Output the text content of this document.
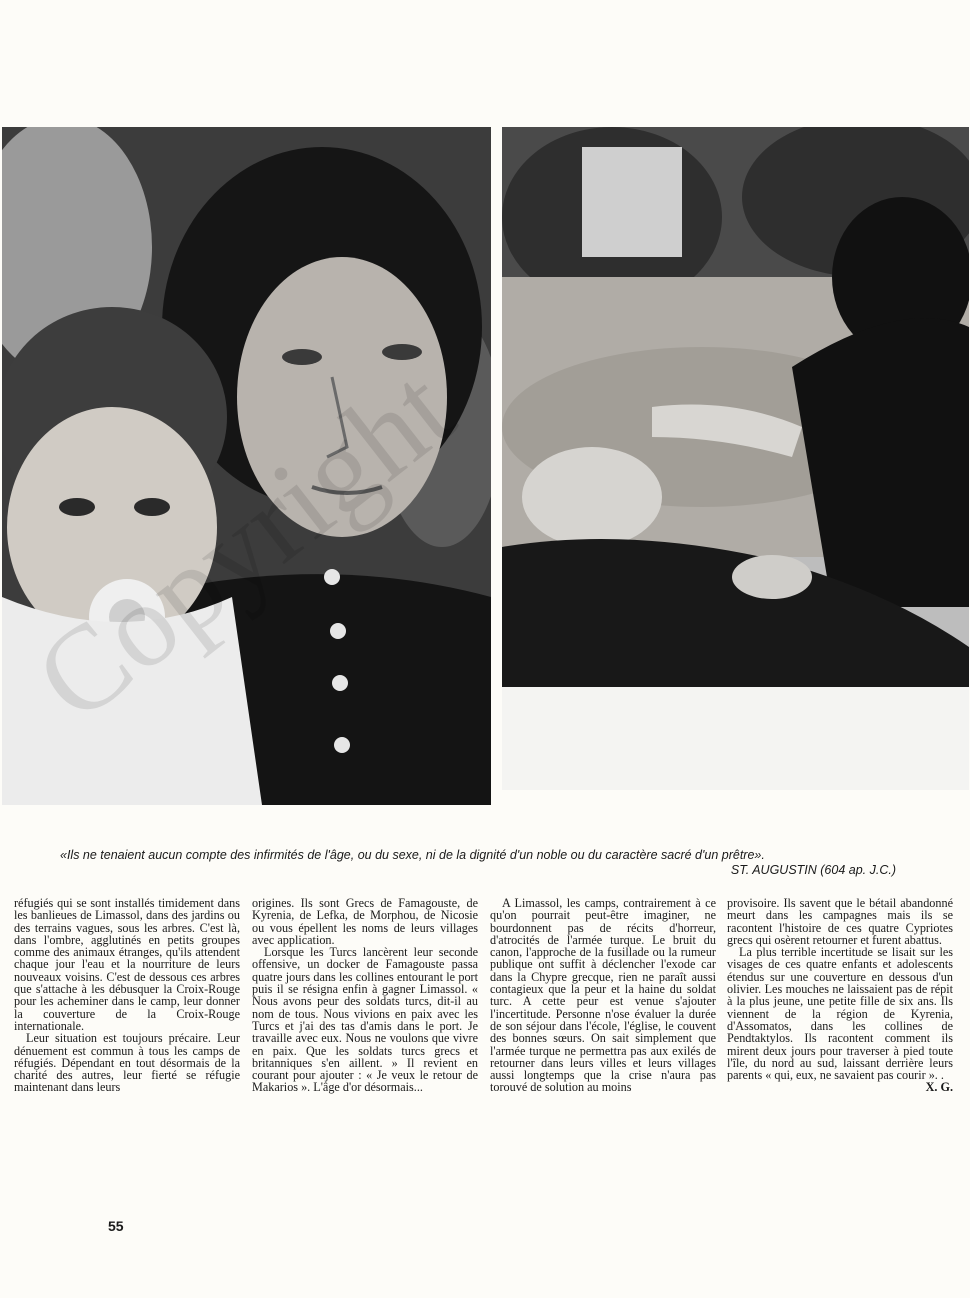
«Ils ne tenaient aucun compte des infirmités de l'âge, ou du sexe, ni de la dignité d'un noble ou du caractère sacré d'un prêtre».
ST. AUGUSTIN (604 ap. J.C.)

réfugiés qui se sont installés timidement dans les banlieues de Limassol, dans des jardins ou des terrains vagues, sous les arbres. C'est là, dans l'ombre, agglutinés en petits groupes comme des animaux étranges, qu'ils attendent chaque jour l'eau et la nourriture de leurs nouveaux voisins. C'est de dessous ces arbres que s'attache à les débusquer la Croix-Rouge pour les acheminer dans le camp, leur donner la couverture de la Croix-Rouge internationale.

Leur situation est toujours précaire. Leur dénuement est commun à tous les camps de réfugiés. Dépendant en tout désormais de la charité des autres, leur fierté se réfugie maintenant dans leurs

origines. Ils sont Grecs de Famagouste, de Kyrenia, de Lefka, de Morphou, de Nicosie ou vous épellent les noms de leurs villages avec application.

Lorsque les Turcs lancèrent leur seconde offensive, un docker de Famagouste passa quatre jours dans les collines entourant le port puis il se résigna enfin à gagner Limassol. « Nous avons peur des soldats turcs, dit-il au nom de tous. Nous vivions en paix avec les Turcs et j'ai des tas d'amis dans le port. Je travaille avec eux. Nous ne voulons que vivre en paix. Que les soldats turcs grecs et britanniques s'en aillent. » Il revient en courant pour ajouter : « Je veux le retour de Makarios ». L'âge d'or désormais...

A Limassol, les camps, contrairement à ce qu'on pourrait peut-être imaginer, ne bourdonnent pas de récits d'horreur, d'atrocités de l'armée turque. Le bruit du canon, l'approche de la fusillade ou la rumeur publique ont suffit à déclencher l'exode car dans la Chypre grecque, rien ne paraît aussi contagieux que la peur et la haine du soldat turc. A cette peur est venue s'ajouter l'incertitude. Personne n'ose évaluer la durée de son séjour dans l'école, l'église, le couvent des bonnes sœurs. On sait simplement que l'armée turque ne permettra pas aux exilés de retourner dans leurs villes et leurs villages aussi longtemps que la crise n'aura pas torouvé de solution au moins

provisoire. Ils savent que le bétail abandonné meurt dans les campagnes mais ils se racontent l'histoire de ces quatre Cypriotes grecs qui osèrent retourner et furent abattus.

La plus terrible incertitude se lisait sur les visages de ces quatre enfants et adolescents étendus sur une couverture en dessous d'un olivier. Les mouches ne laissaient pas de répit à la plus jeune, une petite fille de six ans. Ils viennent de la région de Kyrenia, d'Assomatos, dans les collines de Pendtaktylos. Ils racontent comment ils mirent deux jours pour traverser à pied toute l'île, du nord au sud, laissant derrière leurs parents « qui, eux, ne savaient pas courir ». .
X. G.

55
